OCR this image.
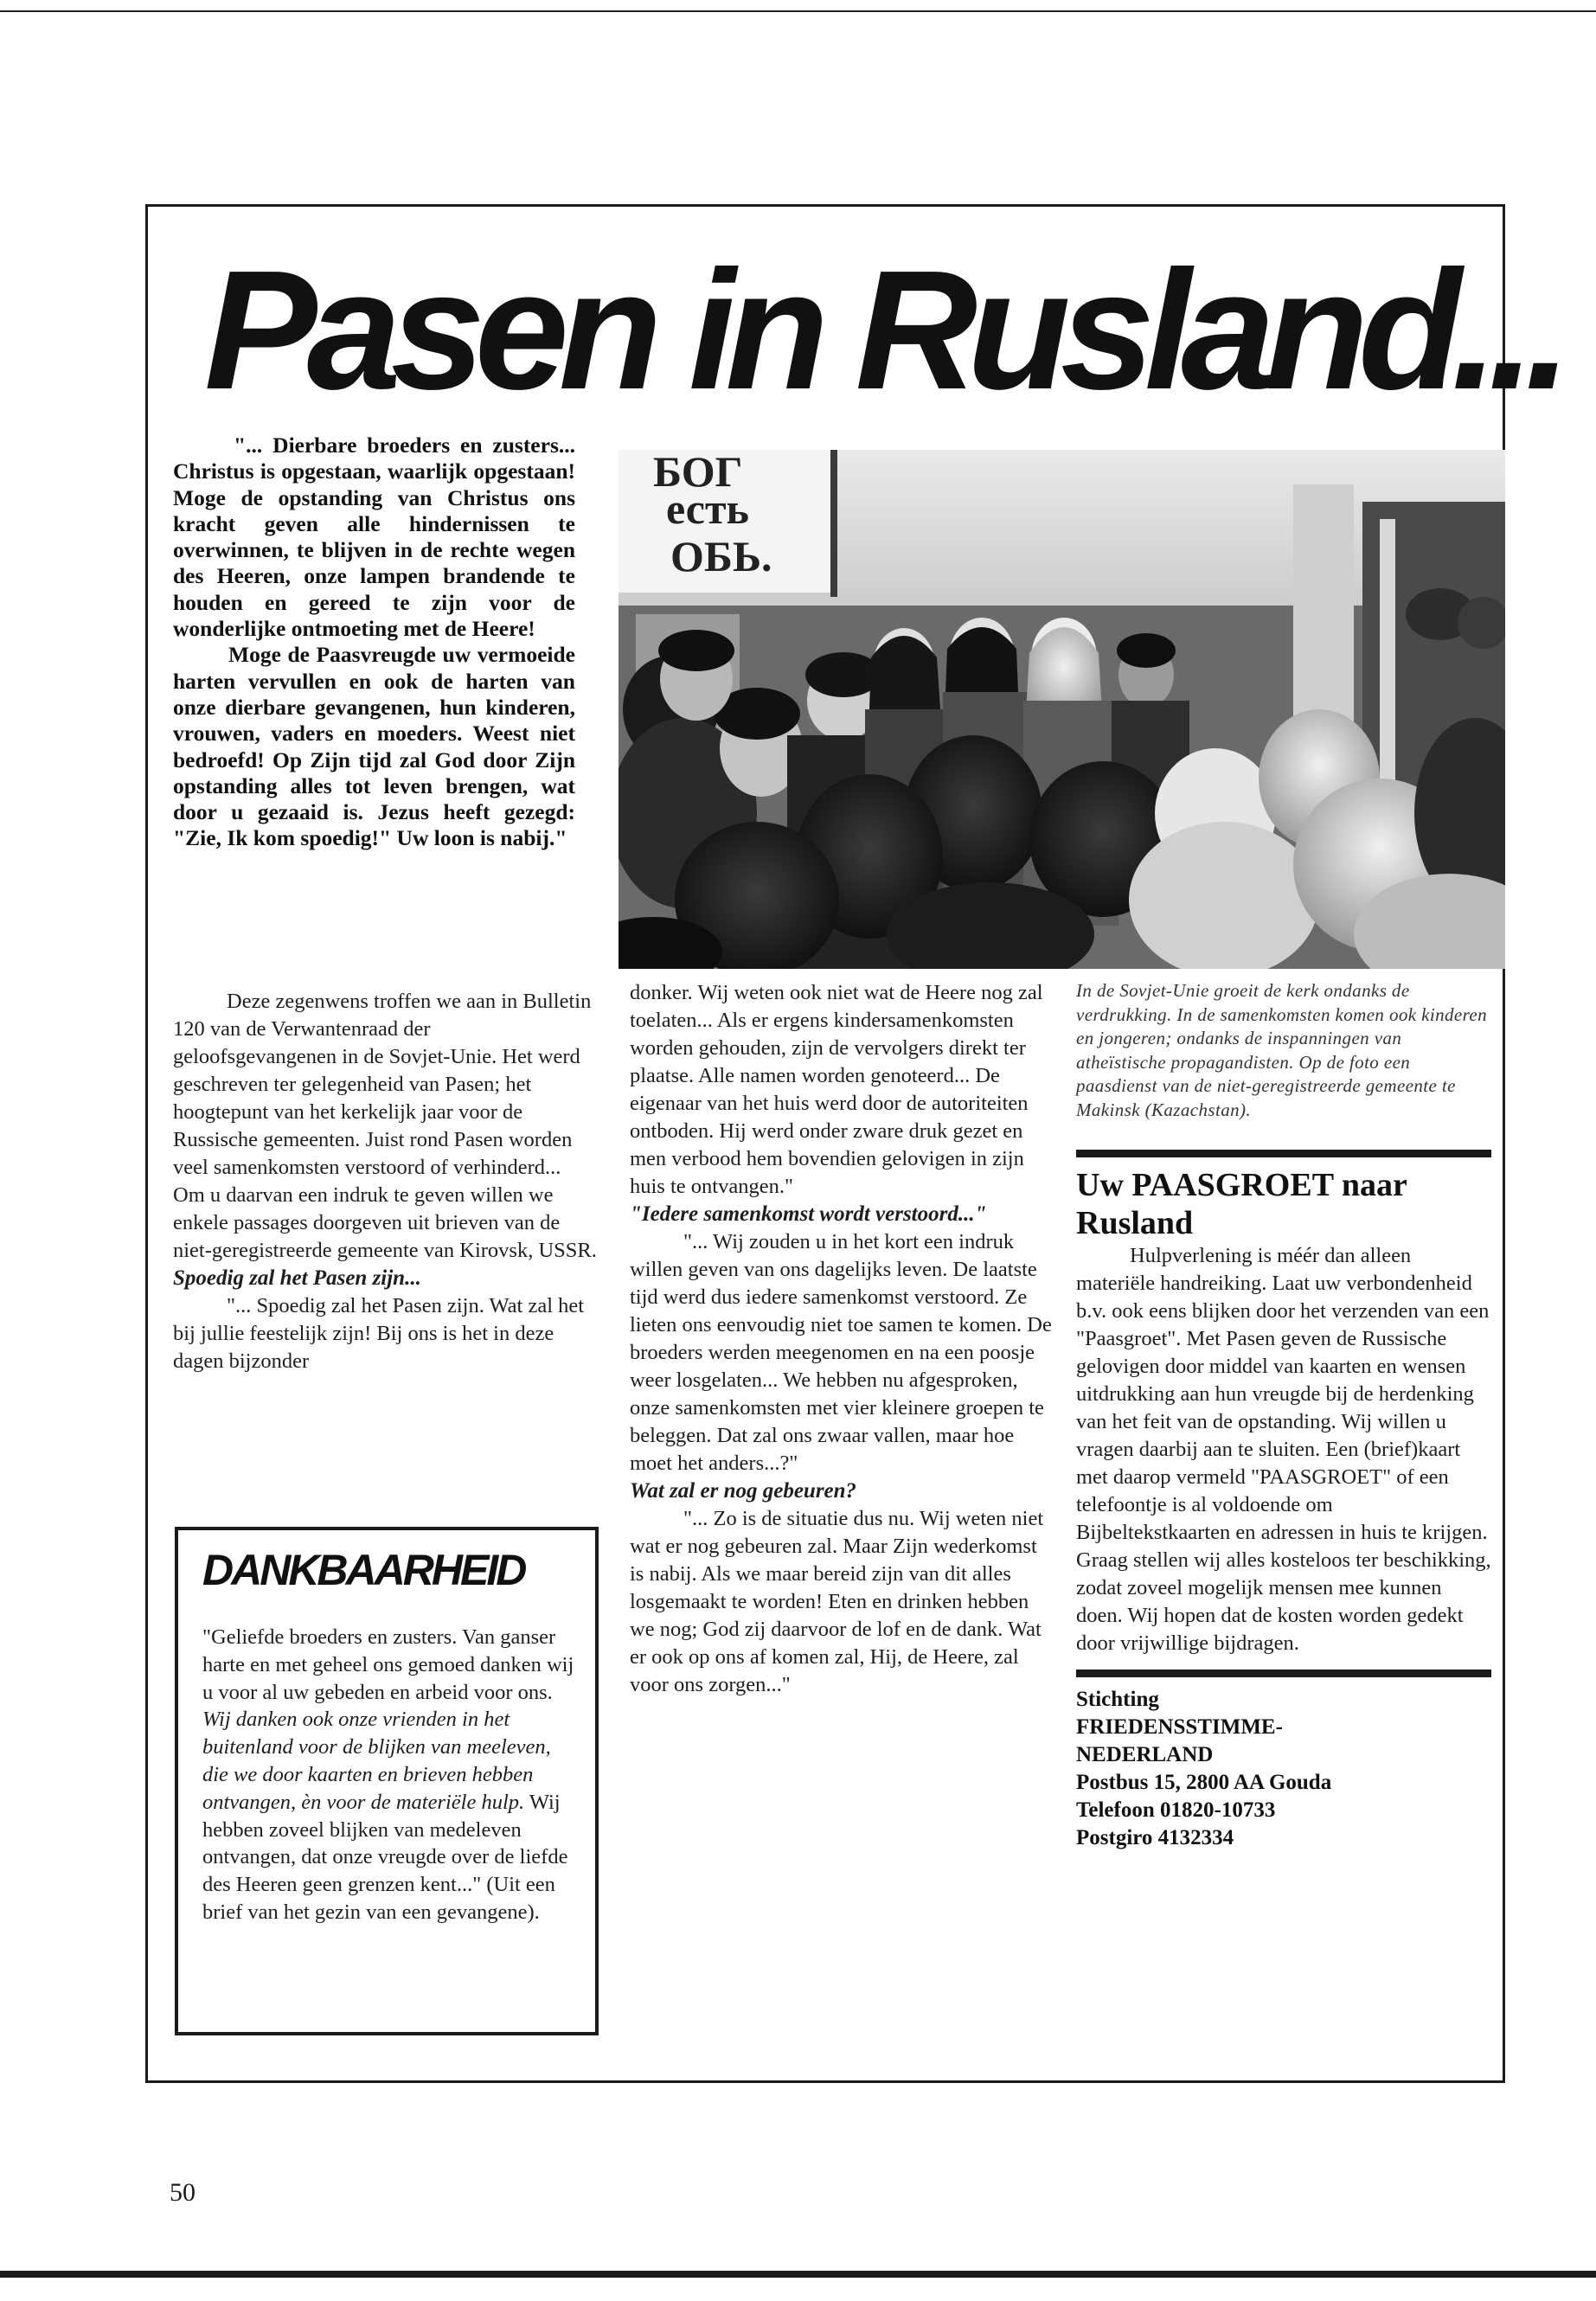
Pasen in Rusland...

"... Dierbare broeders en zusters... Christus is opgestaan, waarlijk opgestaan! Moge de opstanding van Christus ons kracht geven alle hindernissen te overwinnen, te blijven in de rechte wegen des Heeren, onze lampen brandende te houden en gereed te zijn voor de wonderlijke ontmoeting met de Heere!

Moge de Paasvreugde uw vermoeide harten vervullen en ook de harten van onze dierbare gevangenen, hun kinderen, vrouwen, vaders en moeders. Weest niet bedroefd! Op Zijn tijd zal God door Zijn opstanding alles tot leven brengen, wat door u gezaaid is. Jezus heeft gezegd: "Zie, Ik kom spoedig!" Uw loon is nabij."

БОГ
есть
ОБЬ.

Deze zegenwens troffen we aan in Bulletin 120 van de Verwantenraad der geloofsgevangenen in de Sovjet-Unie. Het werd geschreven ter gelegenheid van Pasen; het hoogtepunt van het kerkelijk jaar voor de Russische gemeenten. Juist rond Pasen worden veel samenkomsten verstoord of verhinderd... Om u daarvan een indruk te geven willen we enkele passages doorgeven uit brieven van de niet-geregistreerde gemeente van Kirovsk, USSR.

Spoedig zal het Pasen zijn...

"... Spoedig zal het Pasen zijn. Wat zal het bij jullie feestelijk zijn! Bij ons is het in deze dagen bijzonder

DANKBAARHEID
"Geliefde broeders en zusters. Van ganser harte en met geheel ons gemoed danken wij u voor al uw gebeden en arbeid voor ons. Wij danken ook onze vrienden in het buitenland voor de blijken van meeleven, die we door kaarten en brieven hebben ontvangen, èn voor de materiële hulp. Wij hebben zoveel blijken van medeleven ontvangen, dat onze vreugde over de liefde des Heeren geen grenzen kent..." (Uit een brief van het gezin van een gevangene).

donker. Wij weten ook niet wat de Heere nog zal toelaten... Als er ergens kindersamenkomsten worden gehouden, zijn de vervolgers direkt ter plaatse. Alle namen worden genoteerd... De eigenaar van het huis werd door de autoriteiten ontboden. Hij werd onder zware druk gezet en men verbood hem bovendien gelovigen in zijn huis te ontvangen."

"Iedere samenkomst wordt verstoord..."

"... Wij zouden u in het kort een indruk willen geven van ons dagelijks leven. De laatste tijd werd dus iedere samenkomst verstoord. Ze lieten ons eenvoudig niet toe samen te komen. De broeders werden meegenomen en na een poosje weer losgelaten... We hebben nu afgesproken, onze samenkomsten met vier kleinere groepen te beleggen. Dat zal ons zwaar vallen, maar hoe moet het anders...?"

Wat zal er nog gebeuren?

"... Zo is de situatie dus nu. Wij weten niet wat er nog gebeuren zal. Maar Zijn wederkomst is nabij. Als we maar bereid zijn van dit alles losgemaakt te worden! Eten en drinken hebben we nog; God zij daarvoor de lof en de dank. Wat er ook op ons af komen zal, Hij, de Heere, zal voor ons zorgen..."

In de Sovjet-Unie groeit de kerk ondanks de verdrukking. In de samenkomsten komen ook kinderen en jongeren; ondanks de inspanningen van atheïstische propagandisten. Op de foto een paasdienst van de niet-geregistreerde gemeente te Makinsk (Kazachstan).
Uw PAASGROET naar Rusland

Hulpverlening is méér dan alleen materiële handreiking. Laat uw verbondenheid b.v. ook eens blijken door het verzenden van een "Paasgroet". Met Pasen geven de Russische gelovigen door middel van kaarten en wensen uitdrukking aan hun vreugde bij de herdenking van het feit van de opstanding. Wij willen u vragen daarbij aan te sluiten. Een (brief)kaart met daarop vermeld "PAASGROET" of een telefoontje is al voldoende om Bijbeltekstkaarten en adressen in huis te krijgen. Graag stellen wij alles kosteloos ter beschikking, zodat zoveel mogelijk mensen mee kunnen doen. Wij hopen dat de kosten worden gedekt door vrijwillige bijdragen.

Stichting
FRIEDENSSTIMME-
NEDERLAND
Postbus 15, 2800 AA Gouda
Telefoon 01820-10733
Postgiro 4132334
50
